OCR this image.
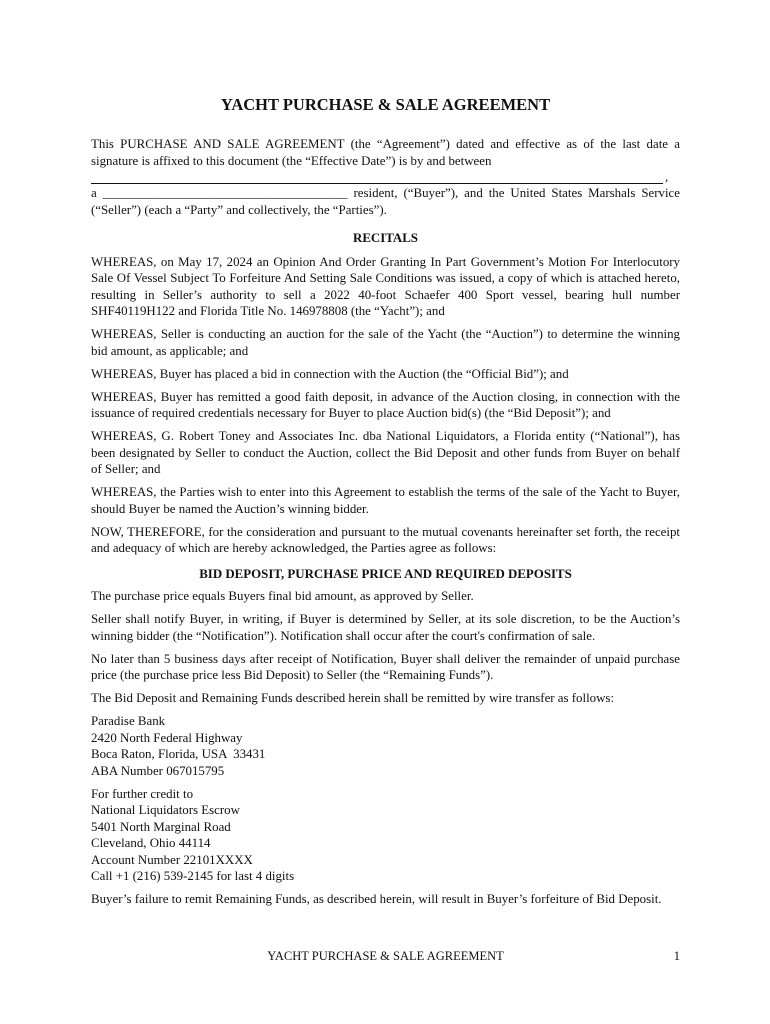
YACHT PURCHASE & SALE AGREEMENT

This PURCHASE AND SALE AGREEMENT (the “Agreement”) dated and effective as of the last date a signature is affixed to this document (the “Effective Date”) is by and between

,

a ______________________________________ resident, (“Buyer”), and the United States Marshals Service (“Seller”) (each a “Party” and collectively, the “Parties”).

RECITALS

WHEREAS, on May 17, 2024 an Opinion And Order Granting In Part Government’s Motion For Interlocutory Sale Of Vessel Subject To Forfeiture And Setting Sale Conditions was issued, a copy of which is attached hereto, resulting in Seller’s authority to sell a 2022 40-foot Schaefer 400 Sport vessel, bearing hull number SHF40119H122 and Florida Title No. 146978808 (the “Yacht”); and

WHEREAS, Seller is conducting an auction for the sale of the Yacht (the “Auction”) to determine the winning bid amount, as applicable; and

WHEREAS, Buyer has placed a bid in connection with the Auction (the “Official Bid”); and

WHEREAS, Buyer has remitted a good faith deposit, in advance of the Auction closing, in connection with the issuance of required credentials necessary for Buyer to place Auction bid(s) (the “Bid Deposit”); and

WHEREAS, G. Robert Toney and Associates Inc. dba National Liquidators, a Florida entity (“National”), has been designated by Seller to conduct the Auction, collect the Bid Deposit and other funds from Buyer on behalf of Seller; and

WHEREAS, the Parties wish to enter into this Agreement to establish the terms of the sale of the Yacht to Buyer, should Buyer be named the Auction’s winning bidder.

NOW, THEREFORE, for the consideration and pursuant to the mutual covenants hereinafter set forth, the receipt and adequacy of which are hereby acknowledged, the Parties agree as follows:

BID DEPOSIT, PURCHASE PRICE AND REQUIRED DEPOSITS

The purchase price equals Buyers final bid amount, as approved by Seller.

Seller shall notify Buyer, in writing, if Buyer is determined by Seller, at its sole discretion, to be the Auction’s winning bidder (the “Notification”). Notification shall occur after the court's confirmation of sale.

No later than 5 business days after receipt of Notification, Buyer shall deliver the remainder of unpaid purchase price (the purchase price less Bid Deposit) to Seller (the “Remaining Funds”).

The Bid Deposit and Remaining Funds described herein shall be remitted by wire transfer as follows:

Paradise Bank
2420 North Federal Highway
Boca Raton, Florida, USA  33431
ABA Number 067015795
For further credit to
National Liquidators Escrow
5401 North Marginal Road
Cleveland, Ohio 44114
Account Number 22101XXXX
Call +1 (216) 539-2145 for last 4 digits

Buyer’s failure to remit Remaining Funds, as described herein, will result in Buyer’s forfeiture of Bid Deposit.

YACHT PURCHASE & SALE AGREEMENT	1
